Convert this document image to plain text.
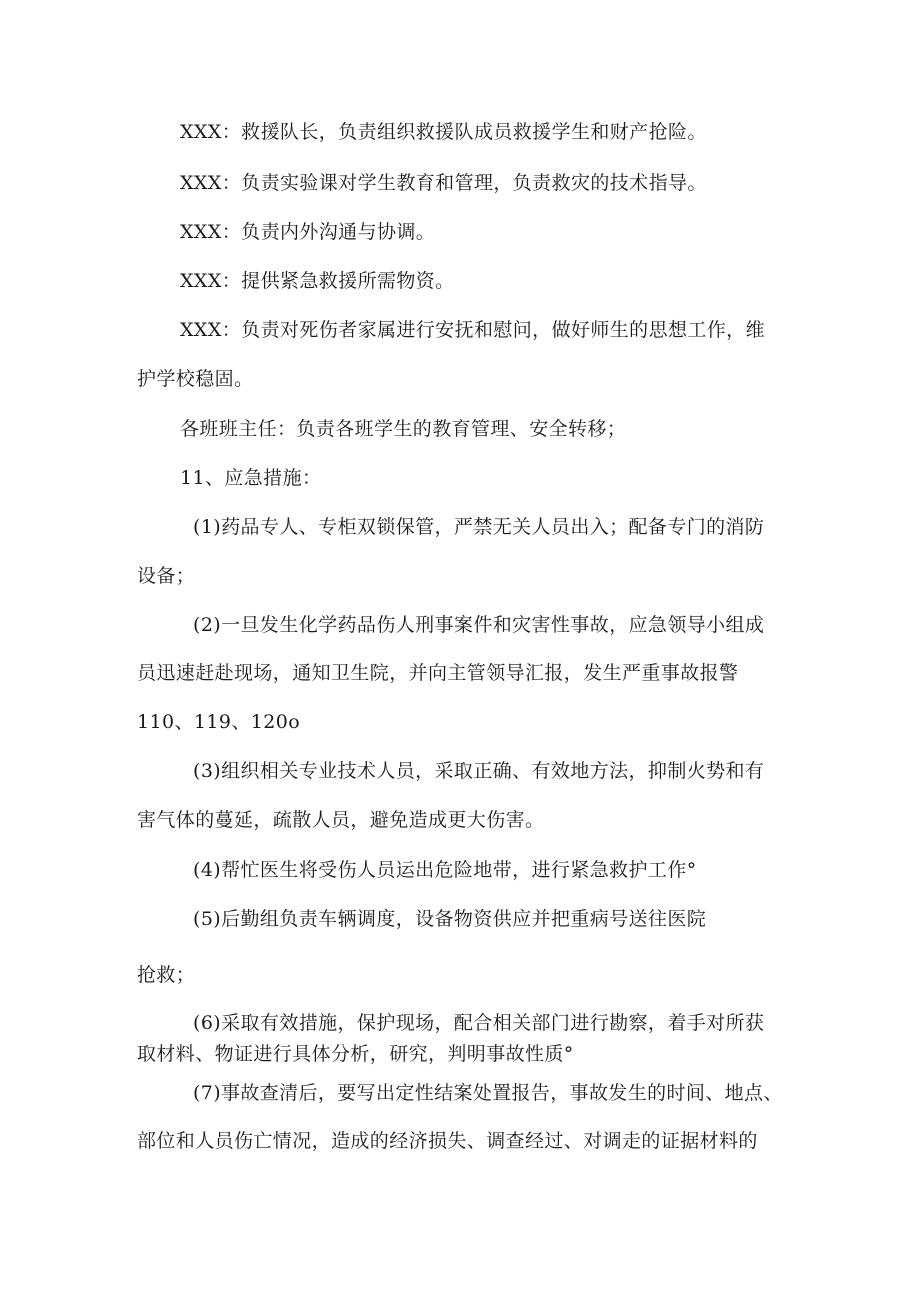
XXX：救援队长，负责组织救援队成员救援学生和财产抢险。
XXX：负责实验课对学生教育和管理，负责救灾的技术指导。
XXX：负责内外沟通与协调。
XXX：提供紧急救援所需物资。
XXX：负责对死伤者家属进行安抚和慰问，做好师生的思想工作，维
护学校稳固。
各班班主任：负责各班学生的教育管理、安全转移；
11、应急措施：
(1)药品专人、专柜双锁保管，严禁无关人员出入；配备专门的消防
设备；
(2)一旦发生化学药品伤人刑事案件和灾害性事故，应急领导小组成
员迅速赶赴现场，通知卫生院，并向主管领导汇报，发生严重事故报警
110、119、120o
(3)组织相关专业技术人员，采取正确、有效地方法，抑制火势和有
害气体的蔓延，疏散人员，避免造成更大伤害。
(4)帮忙医生将受伤人员运出危险地带，进行紧急救护工作°
(5)后勤组负责车辆调度，设备物资供应并把重病号送往医院
抢救；
(6)采取有效措施，保护现场，配合相关部门进行勘察，着手对所获
取材料、物证进行具体分析，研究，判明事故性质°
(7)事故查清后，要写出定性结案处置报告，事故发生的时间、地点、
部位和人员伤亡情况，造成的经济损失、调查经过、对调走的证据材料的
